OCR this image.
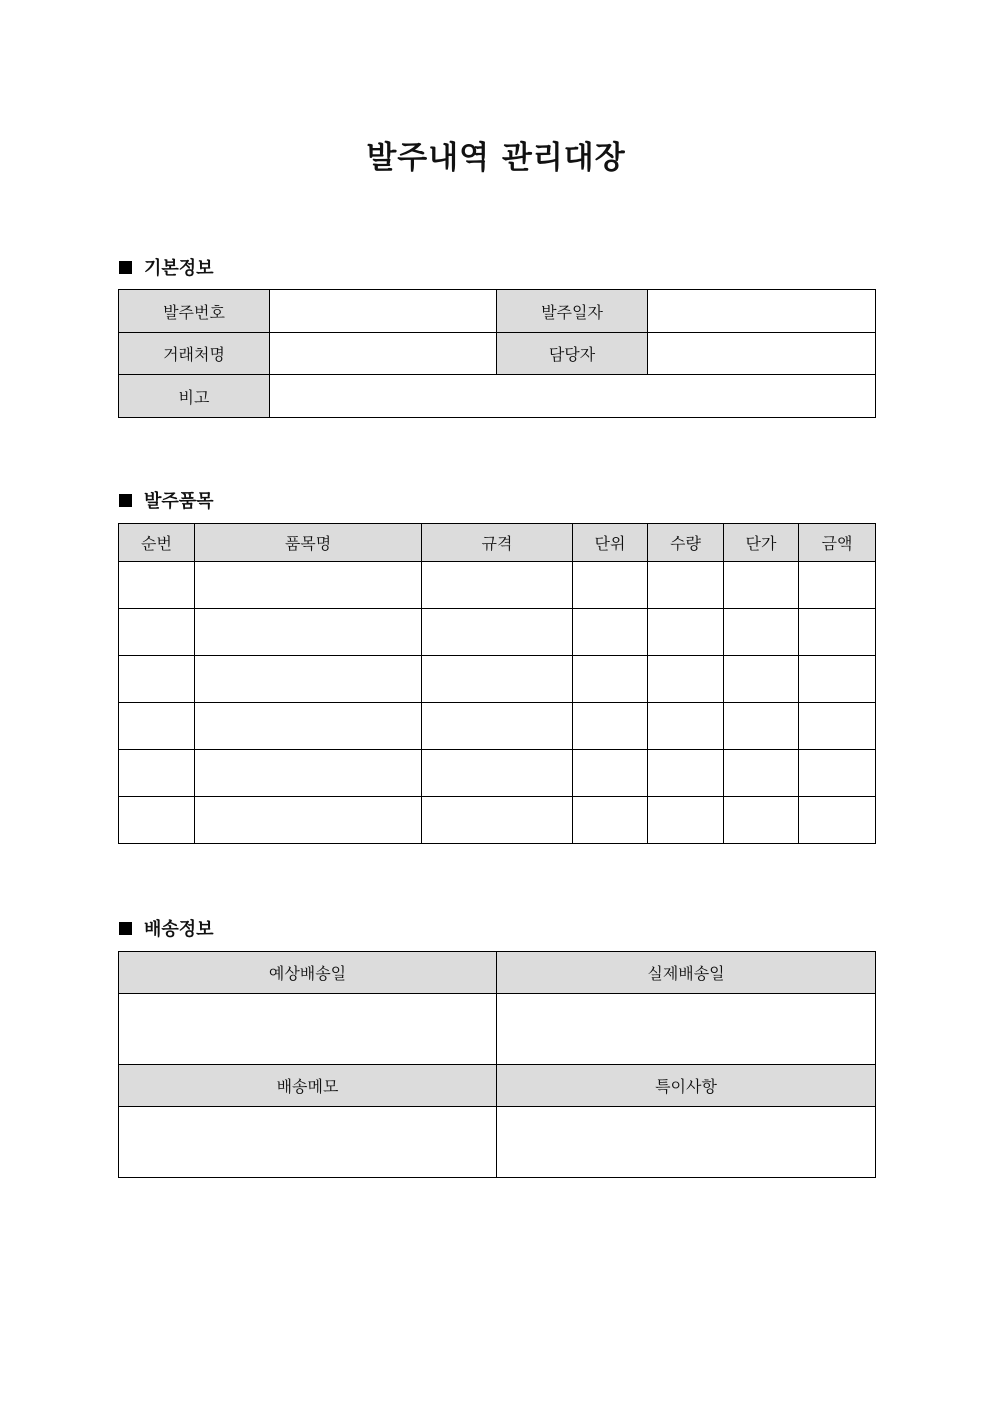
발주내역 관리대장
기본정보
발주번호		발주일자	
거래처명		담당자	
비고			
발주품목
순번	품목명	규격	단위	수량	단가	금액

배송정보
예상배송일	실제배송일

배송메모	특이사항
